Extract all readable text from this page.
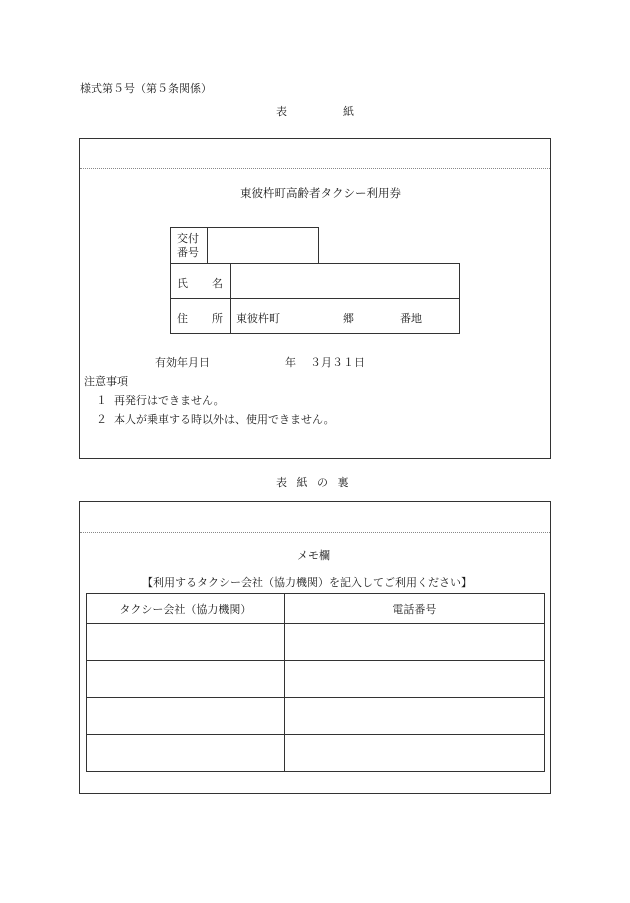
様式第５号（第５条関係）
表	紙
東彼杵町高齢者タクシー利用券
交付
番号
氏 名
住 所 東彼杵町	郷	番地
有効年月日	年 ３月３１日
注意事項
１ 再発行はできません。
２ 本人が乗車する時以外は、使用できません。
表 紙 の 裏
メモ欄
【利用するタクシー会社（協力機関）を記入してご利用ください】
タクシー会社（協力機関）	電話番号
